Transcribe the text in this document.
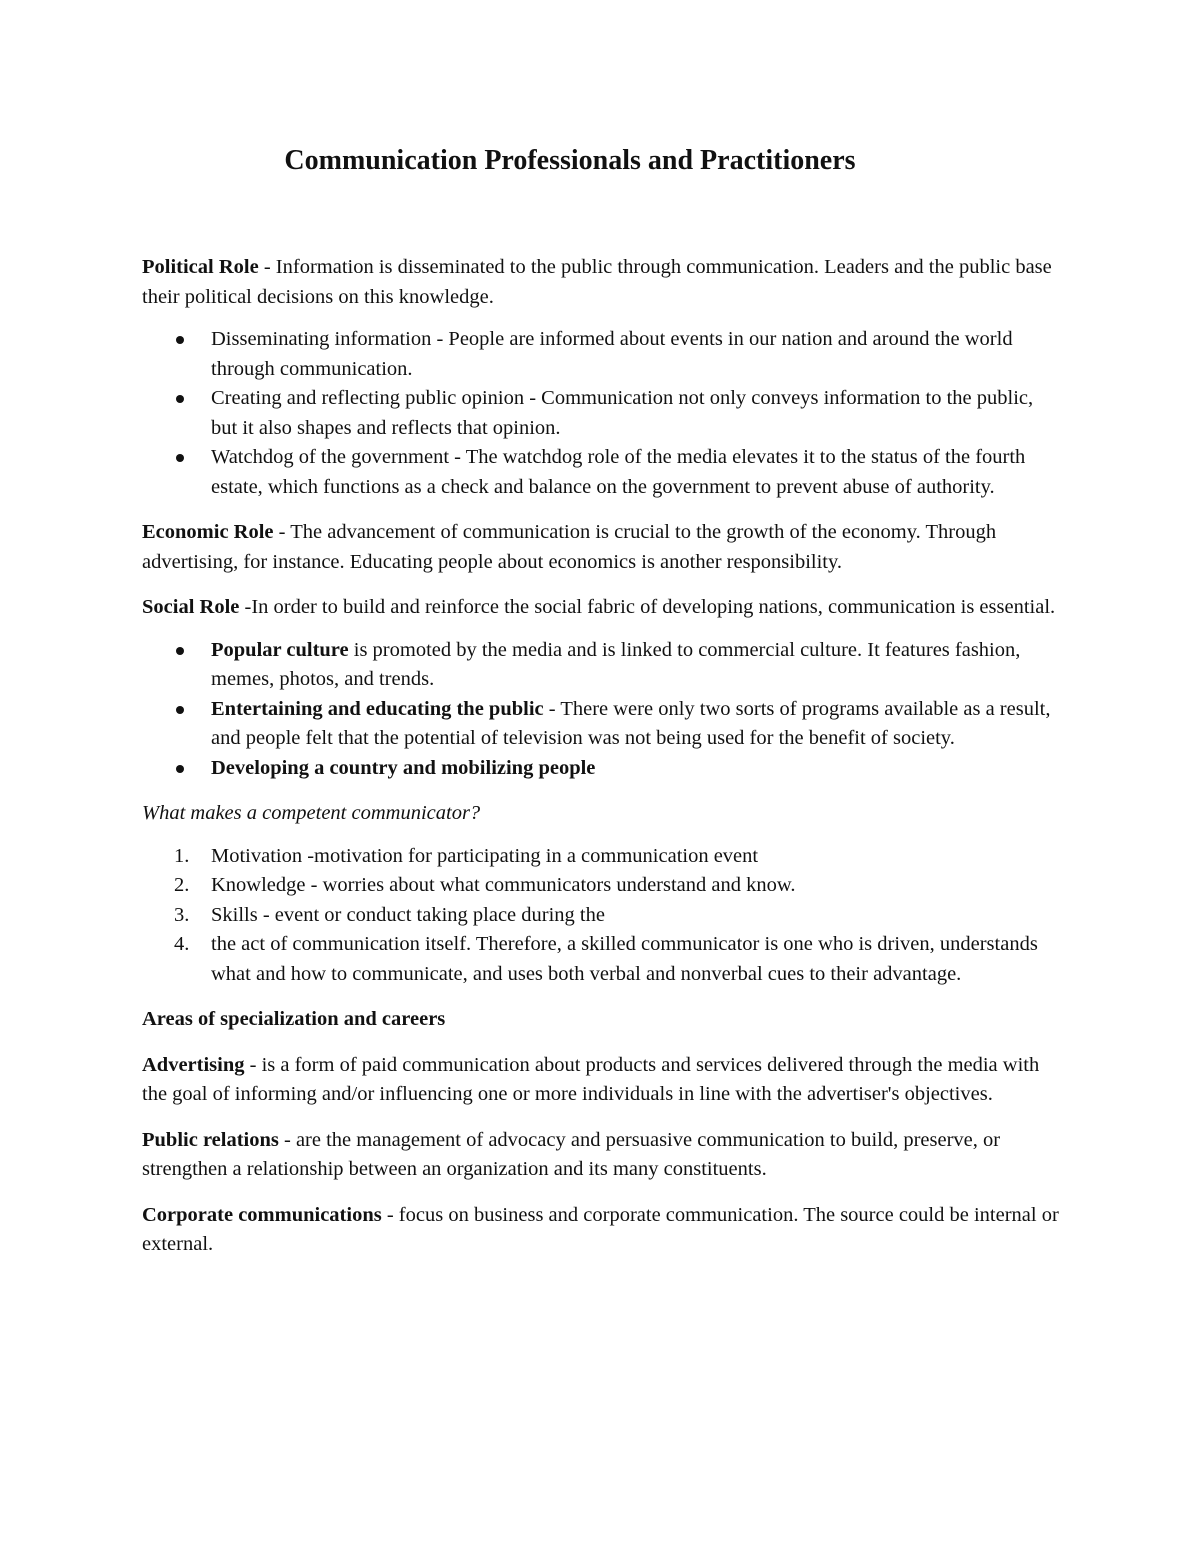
Communication Professionals and Practitioners

Political Role - Information is disseminated to the public through communication. Leaders and the public base their political decisions on this knowledge.

Disseminating information - People are informed about events in our nation and around the world through communication.
Creating and reflecting public opinion - Communication not only conveys information to the public, but it also shapes and reflects that opinion.
Watchdog of the government - The watchdog role of the media elevates it to the status of the fourth estate, which functions as a check and balance on the government to prevent abuse of authority.

Economic Role - The advancement of communication is crucial to the growth of the economy. Through advertising, for instance. Educating people about economics is another responsibility.

Social Role -In order to build and reinforce the social fabric of developing nations, communication is essential.

Popular culture is promoted by the media and is linked to commercial culture. It features fashion, memes, photos, and trends.
Entertaining and educating the public - There were only two sorts of programs available as a result, and people felt that the potential of television was not being used for the benefit of society.
Developing a country and mobilizing people

What makes a competent communicator?

1. Motivation -motivation for participating in a communication event
2. Knowledge - worries about what communicators understand and know.
3. Skills - event or conduct taking place during the
4. the act of communication itself. Therefore, a skilled communicator is one who is driven, understands what and how to communicate, and uses both verbal and nonverbal cues to their advantage.

Areas of specialization and careers

Advertising - is a form of paid communication about products and services delivered through the media with the goal of informing and/or influencing one or more individuals in line with the advertiser's objectives.

Public relations - are the management of advocacy and persuasive communication to build, preserve, or strengthen a relationship between an organization and its many constituents.

Corporate communications - focus on business and corporate communication. The source could be internal or external.
